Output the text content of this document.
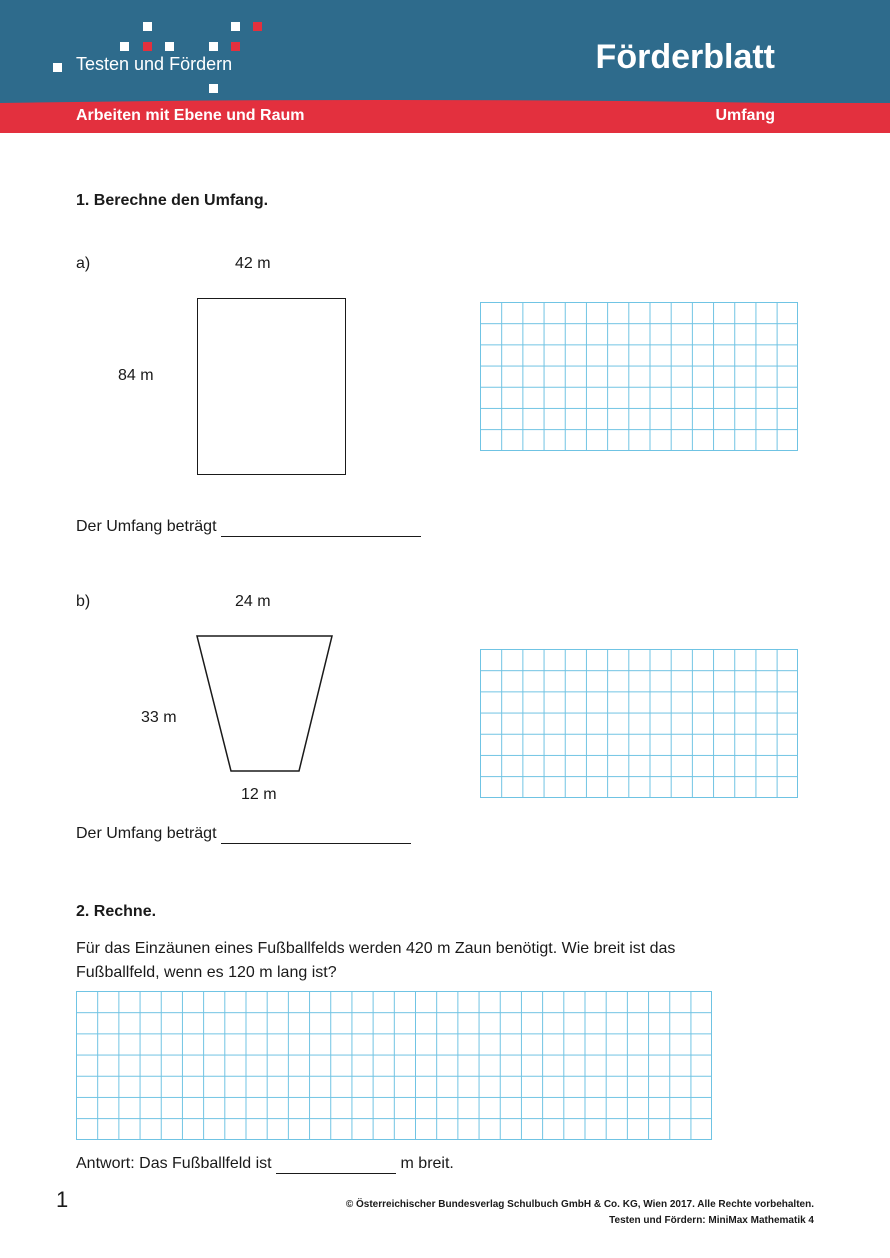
Testen und Fördern	Förderblatt
Arbeiten mit Ebene und Raum	Umfang
1. Berechne den Umfang.
a)	42 m
84 m
Der Umfang beträgt
b)	24 m
33 m
12 m
Der Umfang beträgt
2. Rechne.
Für das Einzäunen eines Fußballfelds werden 420 m Zaun benötigt. Wie breit ist das
Fußballfeld, wenn es 120 m lang ist?
Antwort: Das Fußballfeld ist	m breit.
1	© Österreichischer Bundesverlag Schulbuch GmbH & Co. KG, Wien 2017. Alle Rechte vorbehalten.
Testen und Fördern: MiniMax Mathematik 4
